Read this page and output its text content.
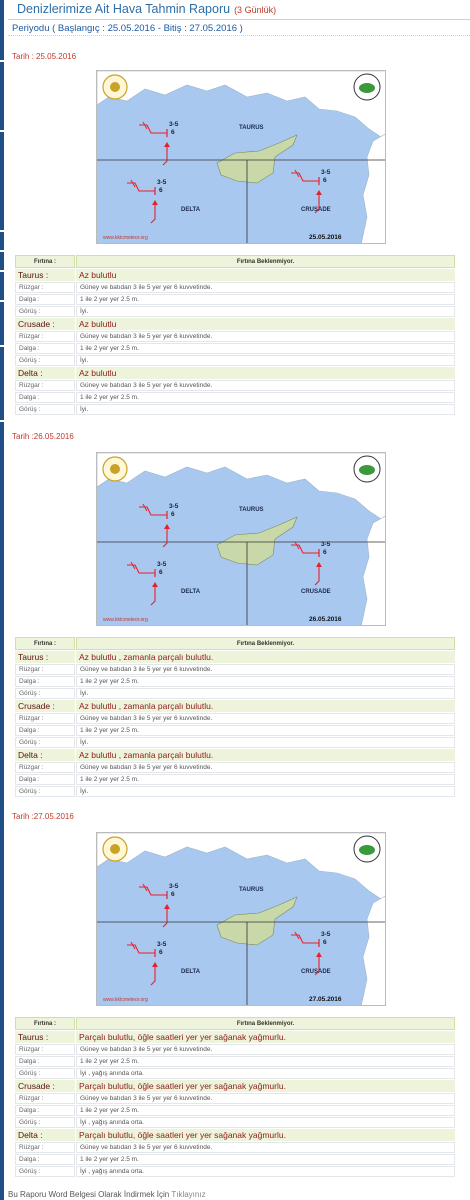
Denizlerimize Ait Hava Tahmin Raporu (3 Günlük)
Periyodu ( Başlangıç : 25.05.2016 - Bitiş : 27.05.2016 )
Tarih : 25.05.2016
TAURUS
DELTA	CRUSADE
3-5
6
3-5
6
3-5
6
www.kktcmeteor.org	25.05.2016
Fırtına :	Fırtına Beklenmiyor.
Taurus :	Az bulutlu
Rüzgar :	Güney ve batıdan 3 ile 5 yer yer 6 kuvvetinde.
Dalga :	1 ile 2 yer yer 2.5 m.
Görüş :	İyi.
Crusade :	Az bulutlu
Rüzgar :	Güney ve batıdan 3 ile 5 yer yer 6 kuvvetinde.
Dalga :	1 ile 2 yer yer 2.5 m.
Görüş :	İyi.
Delta :	Az bulutlu
Rüzgar :	Güney ve batıdan 3 ile 5 yer yer 6 kuvvetinde.
Dalga :	1 ile 2 yer yer 2.5 m.
Görüş :	İyi.
Tarih :26.05.2016
TAURUS
DELTA	CRUSADE
3-5
6
3-5
6
3-5
6
www.kktcmeteor.org	26.05.2016
Fırtına :	Fırtına Beklenmiyor.
Taurus :	Az bulutlu , zamanla parçalı bulutlu.
Rüzgar :	Güney ve batıdan 3 ile 5 yer yer 6 kuvvetinde.
Dalga :	1 ile 2 yer yer 2.5 m.
Görüş :	İyi.
Crusade :	Az bulutlu , zamanla parçalı bulutlu.
Rüzgar :	Güney ve batıdan 3 ile 5 yer yer 6 kuvvetinde.
Dalga :	1 ile 2 yer yer 2.5 m.
Görüş :	İyi.
Delta :	Az bulutlu , zamanla parçalı bulutlu.
Rüzgar :	Güney ve batıdan 3 ile 5 yer yer 6 kuvvetinde.
Dalga :	1 ile 2 yer yer 2.5 m.
Görüş :	İyi.
Tarih :27.05.2016
TAURUS
DELTA	CRUSADE
3-5
6
3-5
6
3-5
6
www.kktcmeteor.org	27.05.2016
Fırtına :	Fırtına Beklenmiyor.
Taurus :	Parçalı bulutlu, öğle saatleri yer yer sağanak yağmurlu.
Rüzgar :	Güney ve batıdan 3 ile 5 yer yer 6 kuvvetinde.
Dalga :	1 ile 2 yer yer 2.5 m.
Görüş :	İyi , yağış anında orta.
Crusade :	Parçalı bulutlu, öğle saatleri yer yer sağanak yağmurlu.
Rüzgar :	Güney ve batıdan 3 ile 5 yer yer 6 kuvvetinde.
Dalga :	1 ile 2 yer yer 2.5 m.
Görüş :	İyi , yağış anında orta.
Delta :	Parçalı bulutlu, öğle saatleri yer yer sağanak yağmurlu.
Rüzgar :	Güney ve batıdan 3 ile 5 yer yer 6 kuvvetinde.
Dalga :	1 ile 2 yer yer 2.5 m.
Görüş :	İyi , yağış anında orta.
Bu Raporu Word Belgesi Olarak İndirmek İçin Tıklayınız
